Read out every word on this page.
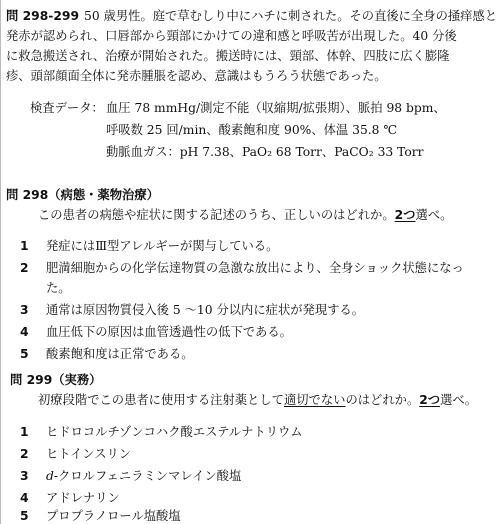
問 298-299 50 歳男性。庭で草むしり中にハチに刺された。その直後に全身の掻痒感と
発赤が認められ、口唇部から頸部にかけての違和感と呼吸苦が出現した。40 分後
に救急搬送され、治療が開始された。搬送時には、頸部、体幹、四肢に広く膨隆
疹、頭部顔面全体に発赤腫脹を認め、意識はもうろう状態であった。
検査データ： 血圧 78 mmHg/測定不能（収縮期/拡張期）、脈拍 98 bpm、
呼吸数 25 回/min、酸素飽和度 90%、体温 35.8 ℃
動脈血ガス：pH 7.38、PaO₂ 68 Torr、PaCO₂ 33 Torr
問 298（病態・薬物治療）
この患者の病態や症状に関する記述のうち、正しいのはどれか。2つ選べ。
1 発症にはⅢ型アレルギーが関与している。
2 肥満細胞からの化学伝達物質の急激な放出により、全身ショック状態になっ
た。
3 通常は原因物質侵入後 5 〜10 分以内に症状が発現する。
4 血圧低下の原因は血管透過性の低下である。
5 酸素飽和度は正常である。
問 299（実務）
初療段階でこの患者に使用する注射薬として適切でないのはどれか。2つ選べ。
1 ヒドロコルチゾンコハク酸エステルナトリウム
2 ヒトインスリン
3 d-クロルフェニラミンマレイン酸塩
4 アドレナリン
5 プロプラノロール塩酸塩
